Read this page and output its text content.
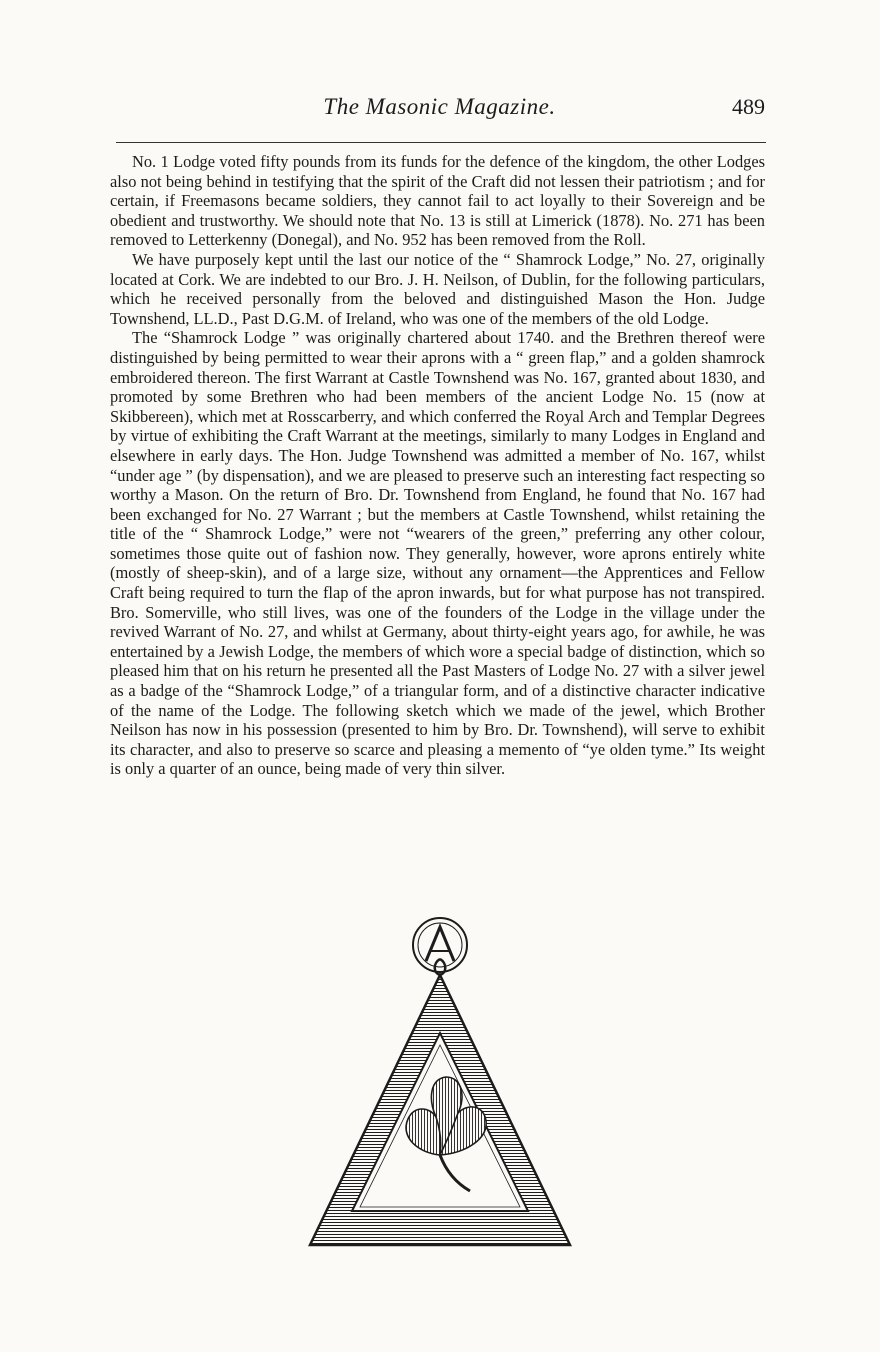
The Masonic Magazine.	489

No. 1 Lodge voted fifty pounds from its funds for the defence of the kingdom, the other Lodges also not being behind in testifying that the spirit of the Craft did not lessen their patriotism ; and for certain, if Freemasons became soldiers, they cannot fail to act loyally to their Sovereign and be obedient and trustworthy. We should note that No. 13 is still at Limerick (1878). No. 271 has been removed to Letterkenny (Donegal), and No. 952 has been removed from the Roll.

We have purposely kept until the last our notice of the “ Shamrock Lodge,” No. 27, originally located at Cork. We are indebted to our Bro. J. H. Neilson, of Dublin, for the following particulars, which he received personally from the beloved and distinguished Mason the Hon. Judge Townshend, LL.D., Past D.G.M. of Ireland, who was one of the members of the old Lodge.

The “Shamrock Lodge ” was originally chartered about 1740. and the Brethren thereof were distinguished by being permitted to wear their aprons with a “ green flap,” and a golden shamrock embroidered thereon. The first Warrant at Castle Townshend was No. 167, granted about 1830, and promoted by some Brethren who had been members of the ancient Lodge No. 15 (now at Skibbereen), which met at Rosscarberry, and which conferred the Royal Arch and Templar Degrees by virtue of exhibiting the Craft Warrant at the meetings, similarly to many Lodges in England and elsewhere in early days. The Hon. Judge Townshend was admitted a member of No. 167, whilst “under age ” (by dispensation), and we are pleased to preserve such an interesting fact respecting so worthy a Mason. On the return of Bro. Dr. Townshend from England, he found that No. 167 had been exchanged for No. 27 Warrant ; but the members at Castle Townshend, whilst retaining the title of the “ Shamrock Lodge,” were not “wearers of the green,” preferring any other colour, sometimes those quite out of fashion now. They generally, however, wore aprons entirely white (mostly of sheep-skin), and of a large size, without any ornament—the Apprentices and Fellow Craft being required to turn the flap of the apron inwards, but for what purpose has not transpired. Bro. Somerville, who still lives, was one of the founders of the Lodge in the village under the revived Warrant of No. 27, and whilst at Germany, about thirty-eight years ago, for awhile, he was entertained by a Jewish Lodge, the members of which wore a special badge of distinction, which so pleased him that on his return he presented all the Past Masters of Lodge No. 27 with a silver jewel as a badge of the “Shamrock Lodge,” of a triangular form, and of a distinctive character indicative of the name of the Lodge. The following sketch which we made of the jewel, which Brother Neilson has now in his possession (presented to him by Bro. Dr. Townshend), will serve to exhibit its character, and also to preserve so scarce and pleasing a memento of “ye olden tyme.” Its weight is only a quarter of an ounce, being made of very thin silver.
